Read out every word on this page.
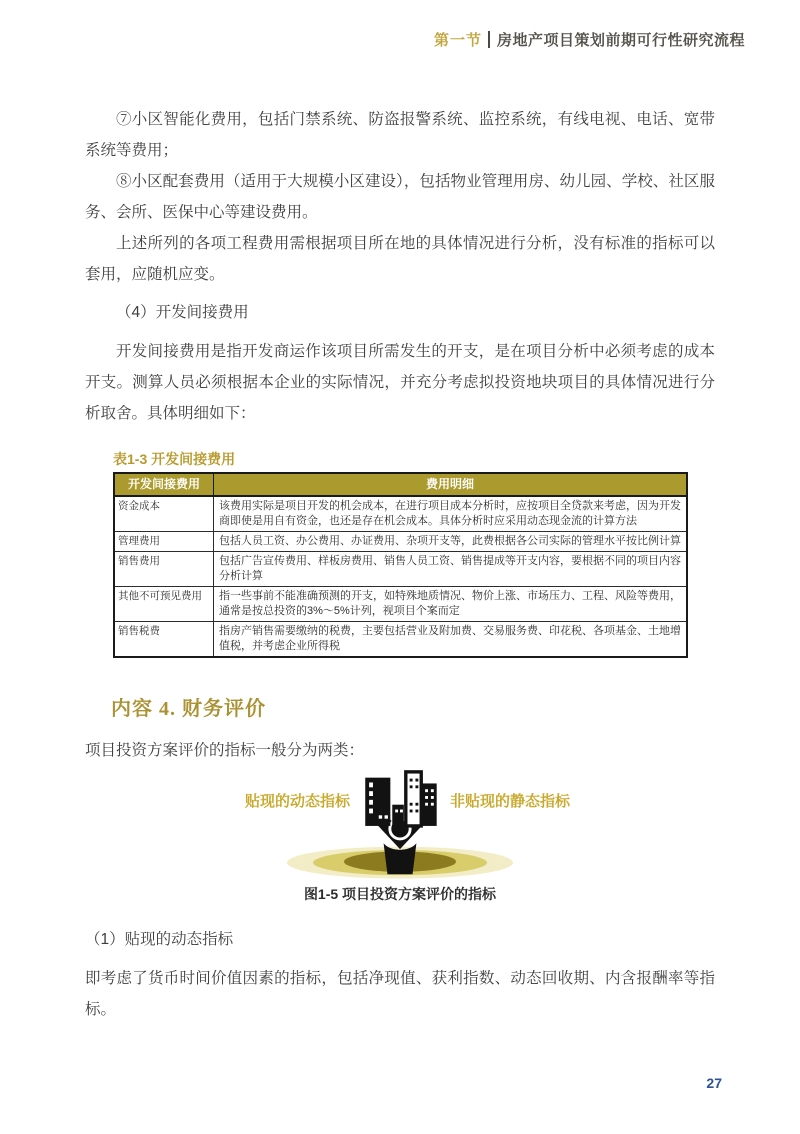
第一节 房地产项目策划前期可行性研究流程

⑦小区智能化费用，包括门禁系统、防盗报警系统、监控系统，有线电视、电话、宽带系统等费用；

⑧小区配套费用（适用于大规模小区建设），包括物业管理用房、幼儿园、学校、社区服务、会所、医保中心等建设费用。

上述所列的各项工程费用需根据项目所在地的具体情况进行分析，没有标准的指标可以套用，应随机应变。

（4）开发间接费用

开发间接费用是指开发商运作该项目所需发生的开支，是在项目分析中必须考虑的成本开支。测算人员必须根据本企业的实际情况，并充分考虑拟投资地块项目的具体情况进行分析取舍。具体明细如下：

表1-3 开发间接费用
开发间接费用	费用明细
资金成本	该费用实际是项目开发的机会成本，在进行项目成本分析时，应按项目全贷款来考虑，因为开发商即使是用自有资金，也还是存在机会成本。具体分析时应采用动态现金流的计算方法
管理费用	包括人员工资、办公费用、办证费用、杂项开支等，此费根据各公司实际的管理水平按比例计算
销售费用	包括广告宣传费用、样板房费用、销售人员工资、销售提成等开支内容，要根据不同的项目内容分析计算
其他不可预见费用	指一些事前不能准确预测的开支，如特殊地质情况、物价上涨、市场压力、工程、风险等费用，通常是按总投资的3%～5%计列，视项目个案而定
销售税费	指房产销售需要缴纳的税费，主要包括营业及附加费、交易服务费、印花税、各项基金、土地增值税，并考虑企业所得税
内容 4. 财务评价

项目投资方案评价的指标一般分为两类：

贴现的动态指标	非贴现的静态指标
图1-5 项目投资方案评价的指标

（1）贴现的动态指标

即考虑了货币时间价值因素的指标，包括净现值、获利指数、动态回收期、内含报酬率等指标。

27
